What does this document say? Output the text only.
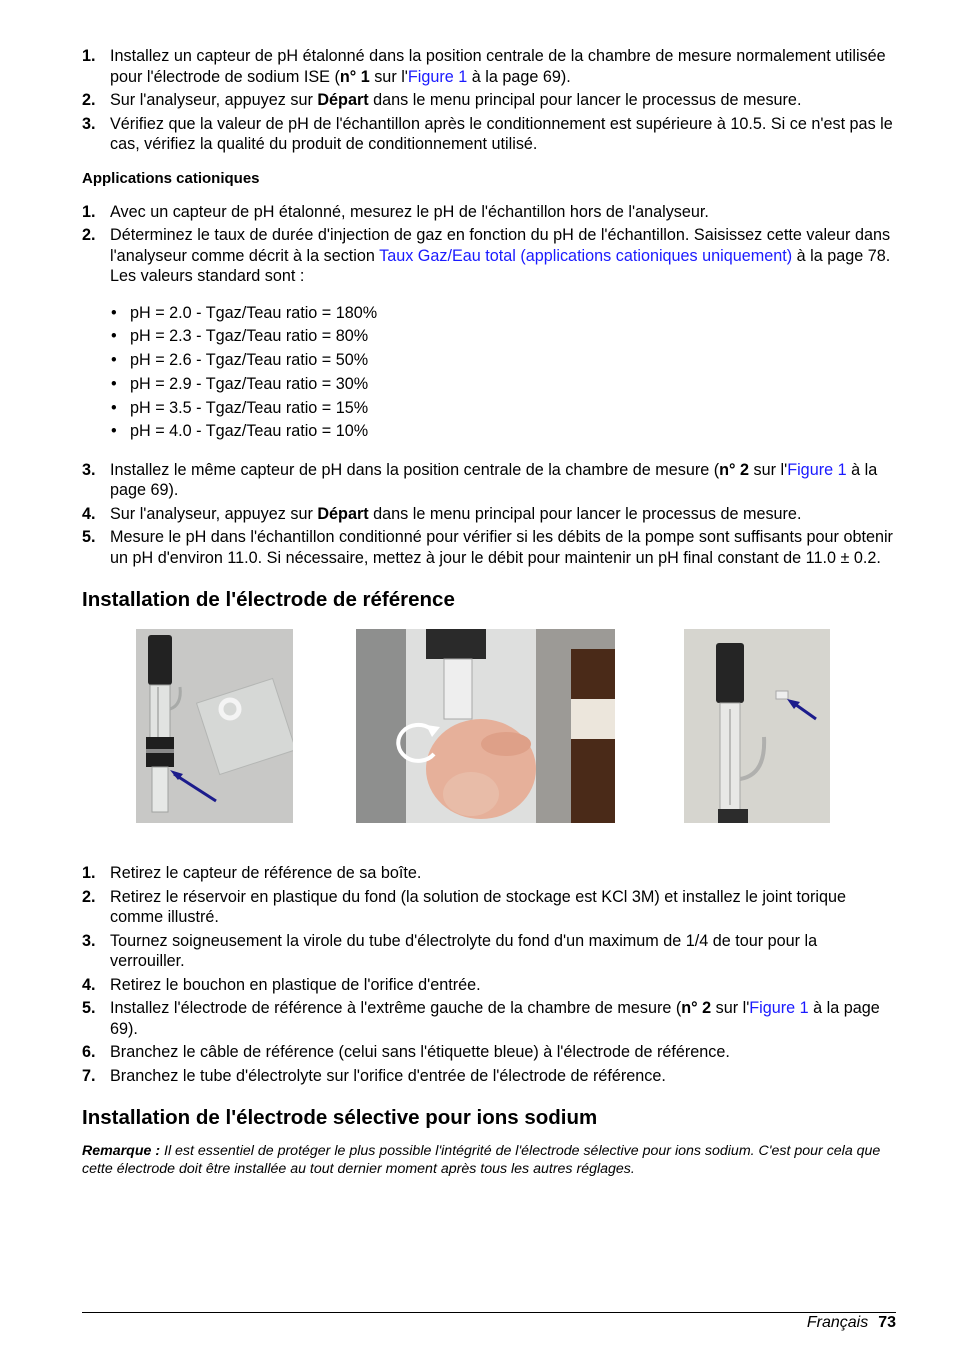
1. Installez un capteur de pH étalonné dans la position centrale de la chambre de mesure normalement utilisée pour l'électrode de sodium ISE (n° 1 sur l'Figure 1 à la page 69).
2. Sur l'analyseur, appuyez sur Départ dans le menu principal pour lancer le processus de mesure.
3. Vérifiez que la valeur de pH de l'échantillon après le conditionnement est supérieure à 10.5. Si ce n'est pas le cas, vérifiez la qualité du produit de conditionnement utilisé.
Applications cationiques
1. Avec un capteur de pH étalonné, mesurez le pH de l'échantillon hors de l'analyseur.
2. Déterminez le taux de durée d'injection de gaz en fonction du pH de l'échantillon. Saisissez cette valeur dans l'analyseur comme décrit à la section Taux Gaz/Eau total (applications cationiques uniquement) à la page 78. Les valeurs standard sont :
• pH = 2.0 - Tgaz/Teau ratio = 180%
• pH = 2.3 - Tgaz/Teau ratio = 80%
• pH = 2.6 - Tgaz/Teau ratio = 50%
• pH = 2.9 - Tgaz/Teau ratio = 30%
• pH = 3.5 - Tgaz/Teau ratio = 15%
• pH = 4.0 - Tgaz/Teau ratio = 10%
3. Installez le même capteur de pH dans la position centrale de la chambre de mesure (n° 2 sur l'Figure 1 à la page 69).
4. Sur l'analyseur, appuyez sur Départ dans le menu principal pour lancer le processus de mesure.
5. Mesure le pH dans l'échantillon conditionné pour vérifier si les débits de la pompe sont suffisants pour obtenir un pH d'environ 11.0. Si nécessaire, mettez à jour le débit pour maintenir un pH final constant de 11.0 ± 0.2.
Installation de l'électrode de référence
1. Retirez le capteur de référence de sa boîte.
2. Retirez le réservoir en plastique du fond (la solution de stockage est KCl 3M) et installez le joint torique comme illustré.
3. Tournez soigneusement la virole du tube d'électrolyte du fond d'un maximum de 1/4 de tour pour la verrouiller.
4. Retirez le bouchon en plastique de l'orifice d'entrée.
5. Installez l'électrode de référence à l'extrême gauche de la chambre de mesure (n° 2 sur l'Figure 1 à la page 69).
6. Branchez le câble de référence (celui sans l'étiquette bleue) à l'électrode de référence.
7. Branchez le tube d'électrolyte sur l'orifice d'entrée de l'électrode de référence.
Installation de l'électrode sélective pour ions sodium
Remarque : Il est essentiel de protéger le plus possible l'intégrité de l'électrode sélective pour ions sodium. C'est pour cela que cette électrode doit être installée au tout dernier moment après tous les autres réglages.
Français 73
